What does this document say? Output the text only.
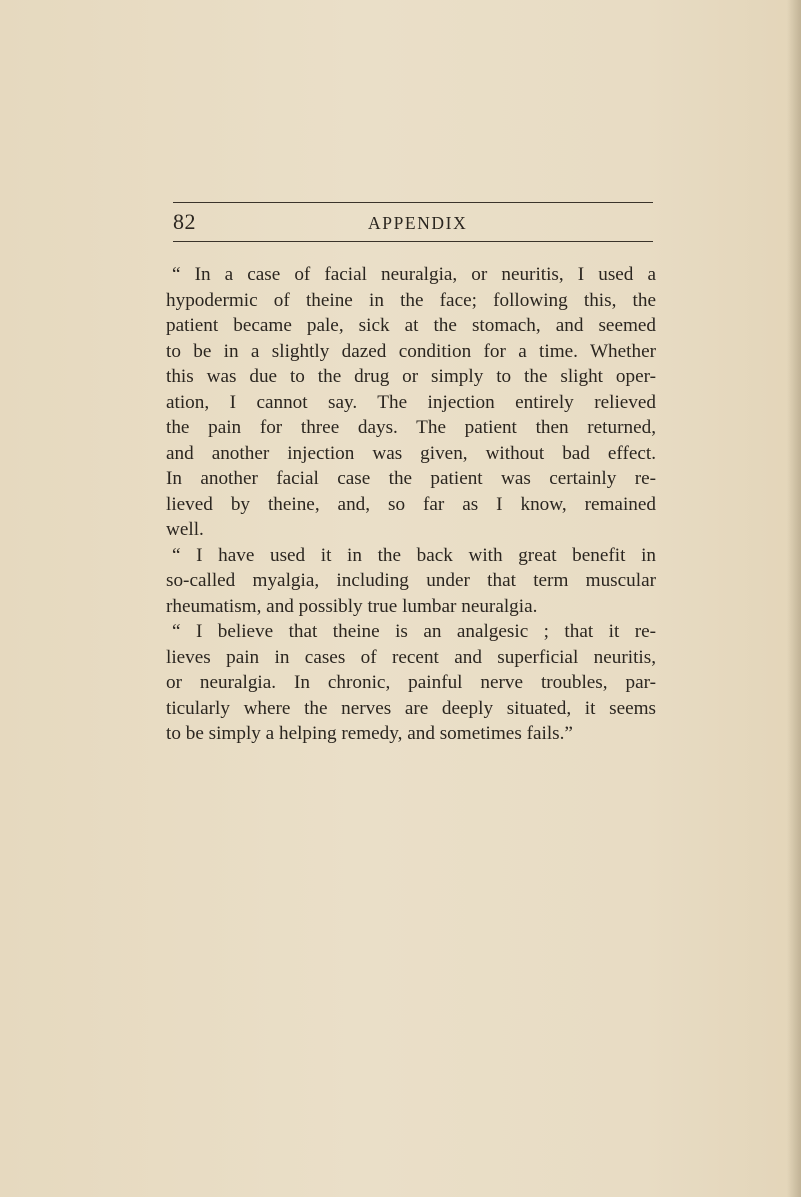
82	APPENDIX
“ In a case of facial neuralgia, or neuritis, I used a
hypodermic of theine in the face; following this, the
patient became pale, sick at the stomach, and seemed
to be in a slightly dazed condition for a time. Whether
this was due to the drug or simply to the slight oper-
ation, I cannot say. The injection entirely relieved
the pain for three days. The patient then returned,
and another injection was given, without bad effect.
In another facial case the patient was certainly re-
lieved by theine, and, so far as I know, remained
well.
“ I have used it in the back with great benefit in
so-called myalgia, including under that term muscular
rheumatism, and possibly true lumbar neuralgia.
“ I believe that theine is an analgesic ; that it re-
lieves pain in cases of recent and superficial neuritis,
or neuralgia. In chronic, painful nerve troubles, par-
ticularly where the nerves are deeply situated, it seems
to be simply a helping remedy, and sometimes fails.”
